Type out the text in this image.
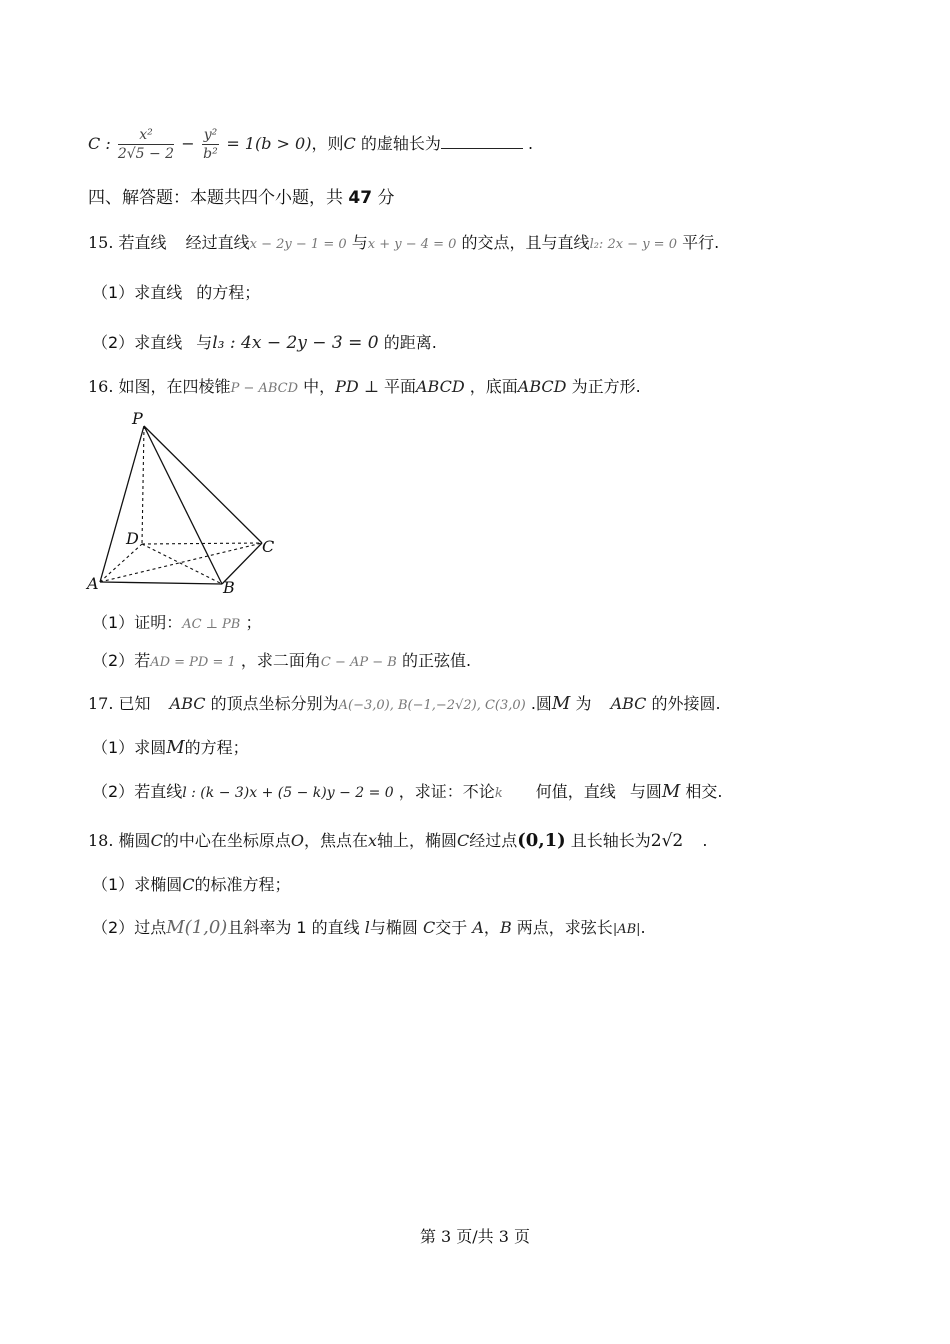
C : $\frac{\text{x²}}{2√5 - 2} - \frac{\text{y²}}{\text{b²}} = 1(b > 0)$，则C 的虚轴长为	.
四、解答题：本题共四个小题，共 47 分
15. 若直线 经过直线x − 2y − 1 = 0 与x + y − 4 = 0 的交点，且与直线l₂: 2x − y = 0 平行.
（1）求直线 的方程；
（2）求直线 与l₃ : 4x − 2y − 3 = 0 的距离.
16. 如图，在四棱锥P − ABCD 中，PD ⊥ 平面ABCD ，底面ABCD 为正方形.
P
D	C
A	B
（1）证明：AC ⊥ PB ；
（2）若AD = PD = 1 ，求二面角C − AP − B 的正弦值.
17. 已知 ABC 的顶点坐标分别为A(−3,0), B(−1,−2√2), C(3,0) .圆M 为 ABC 的外接圆.
（1）求圆M的方程；
（2）若直线l : (k − 3)x + (5 − k)y − 2 = 0 ，求证：不论k 何值，直线 与圆M 相交.
18. 椭圆C的中心在坐标原点O，焦点在x轴上，椭圆C经过点(0,1) 且长轴长为2√2 .
（1）求椭圆C的标准方程；
（2）过点M(1,0)且斜率为 1 的直线 l与椭圆 C交于 A，B 两点，求弦长|AB|.
第 3 页/共 3 页
